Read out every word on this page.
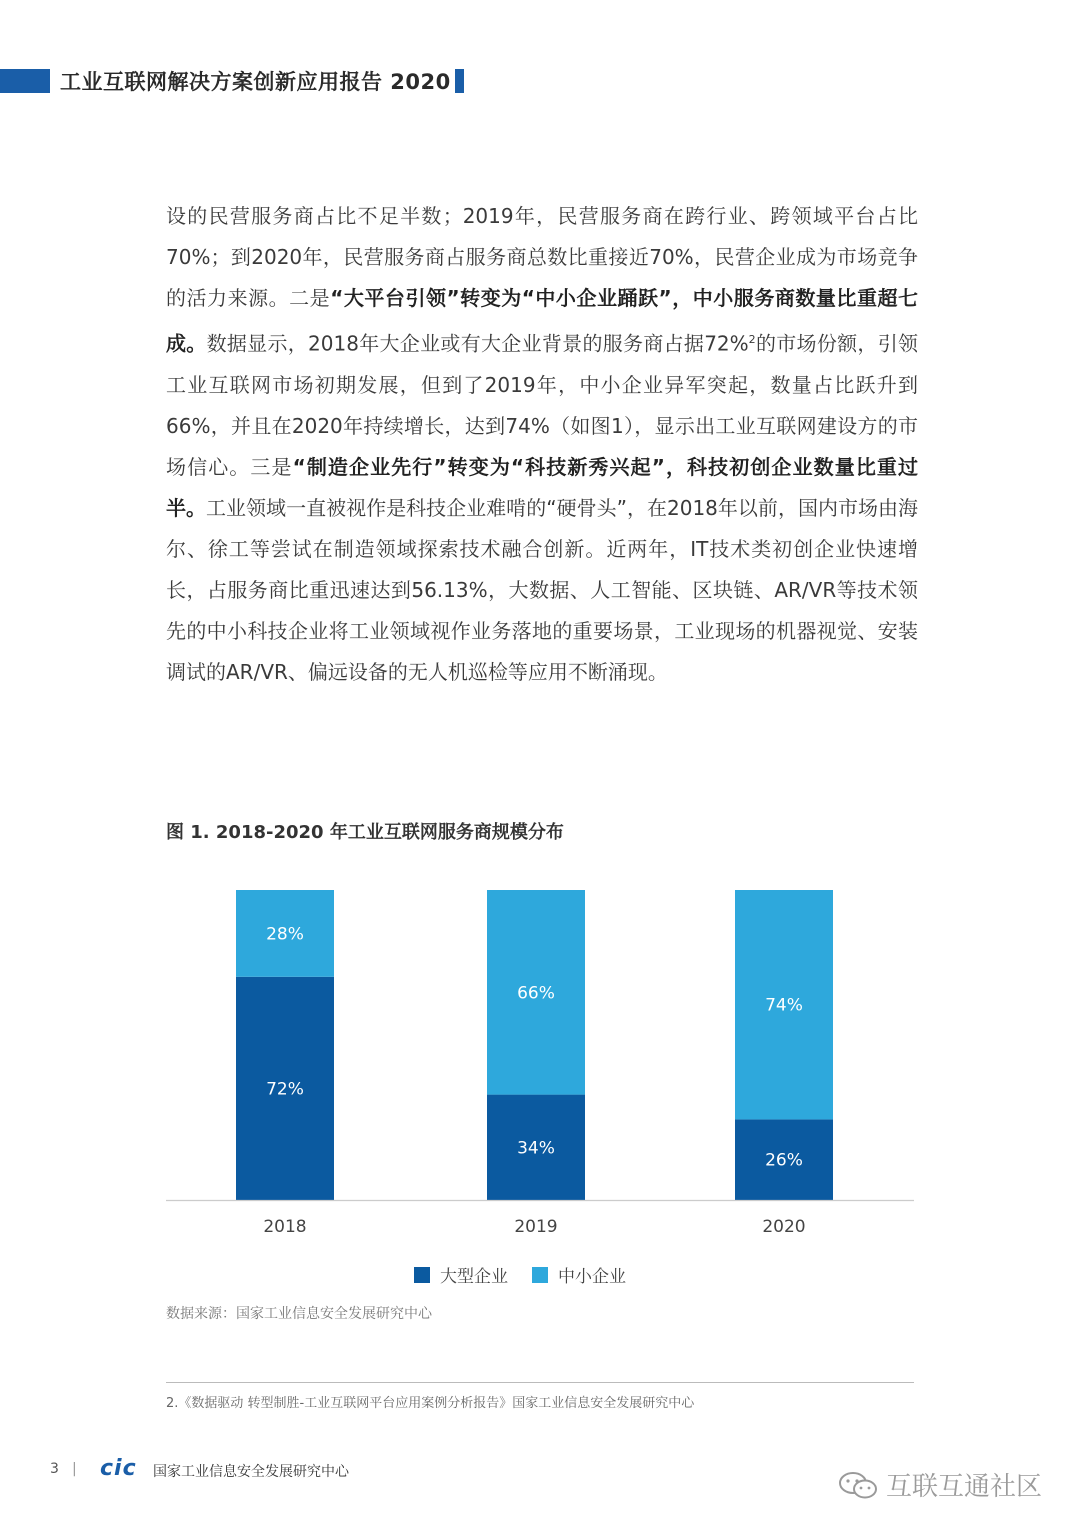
工业互联网解决方案创新应用报告 2020

设的民营服务商占比不足半数；2019年，民营服务商在跨行业、跨领域平台占比70%；到2020年，民营服务商占服务商总数比重接近70%，民营企业成为市场竞争的活力来源。二是“大平台引领”转变为“中小企业踊跃”，中小服务商数量比重超七成。数据显示，2018年大企业或有大企业背景的服务商占据72%$^2$的市场份额，引领工业互联网市场初期发展，但到了2019年，中小企业异军突起，数量占比跃升到66%，并且在2020年持续增长，达到74%（如图1），显示出工业互联网建设方的市场信心。三是“制造企业先行”转变为“科技新秀兴起”，科技初创企业数量比重过半。工业领域一直被视作是科技企业难啃的“硬骨头”，在2018年以前，国内市场由海尔、徐工等尝试在制造领域探索技术融合创新。近两年，IT技术类初创企业快速增长，占服务商比重迅速达到56.13%，大数据、人工智能、区块链、AR/VR等技术领先的中小科技企业将工业领域视作业务落地的重要场景，工业现场的机器视觉、安装调试的AR/VR、偏远设备的无人机巡检等应用不断涌现。

图 1. 2018-2020 年工业互联网服务商规模分布
72%
28%
2018
34%
66%
2019
26%
74%
2020
大型企业	中小企业
数据来源：国家工业信息安全发展研究中心
2.《数据驱动 转型制胜-工业互联网平台应用案例分析报告》国家工业信息安全发展研究中心
3 | cic 国家工业信息安全发展研究中心	互联互通社区
